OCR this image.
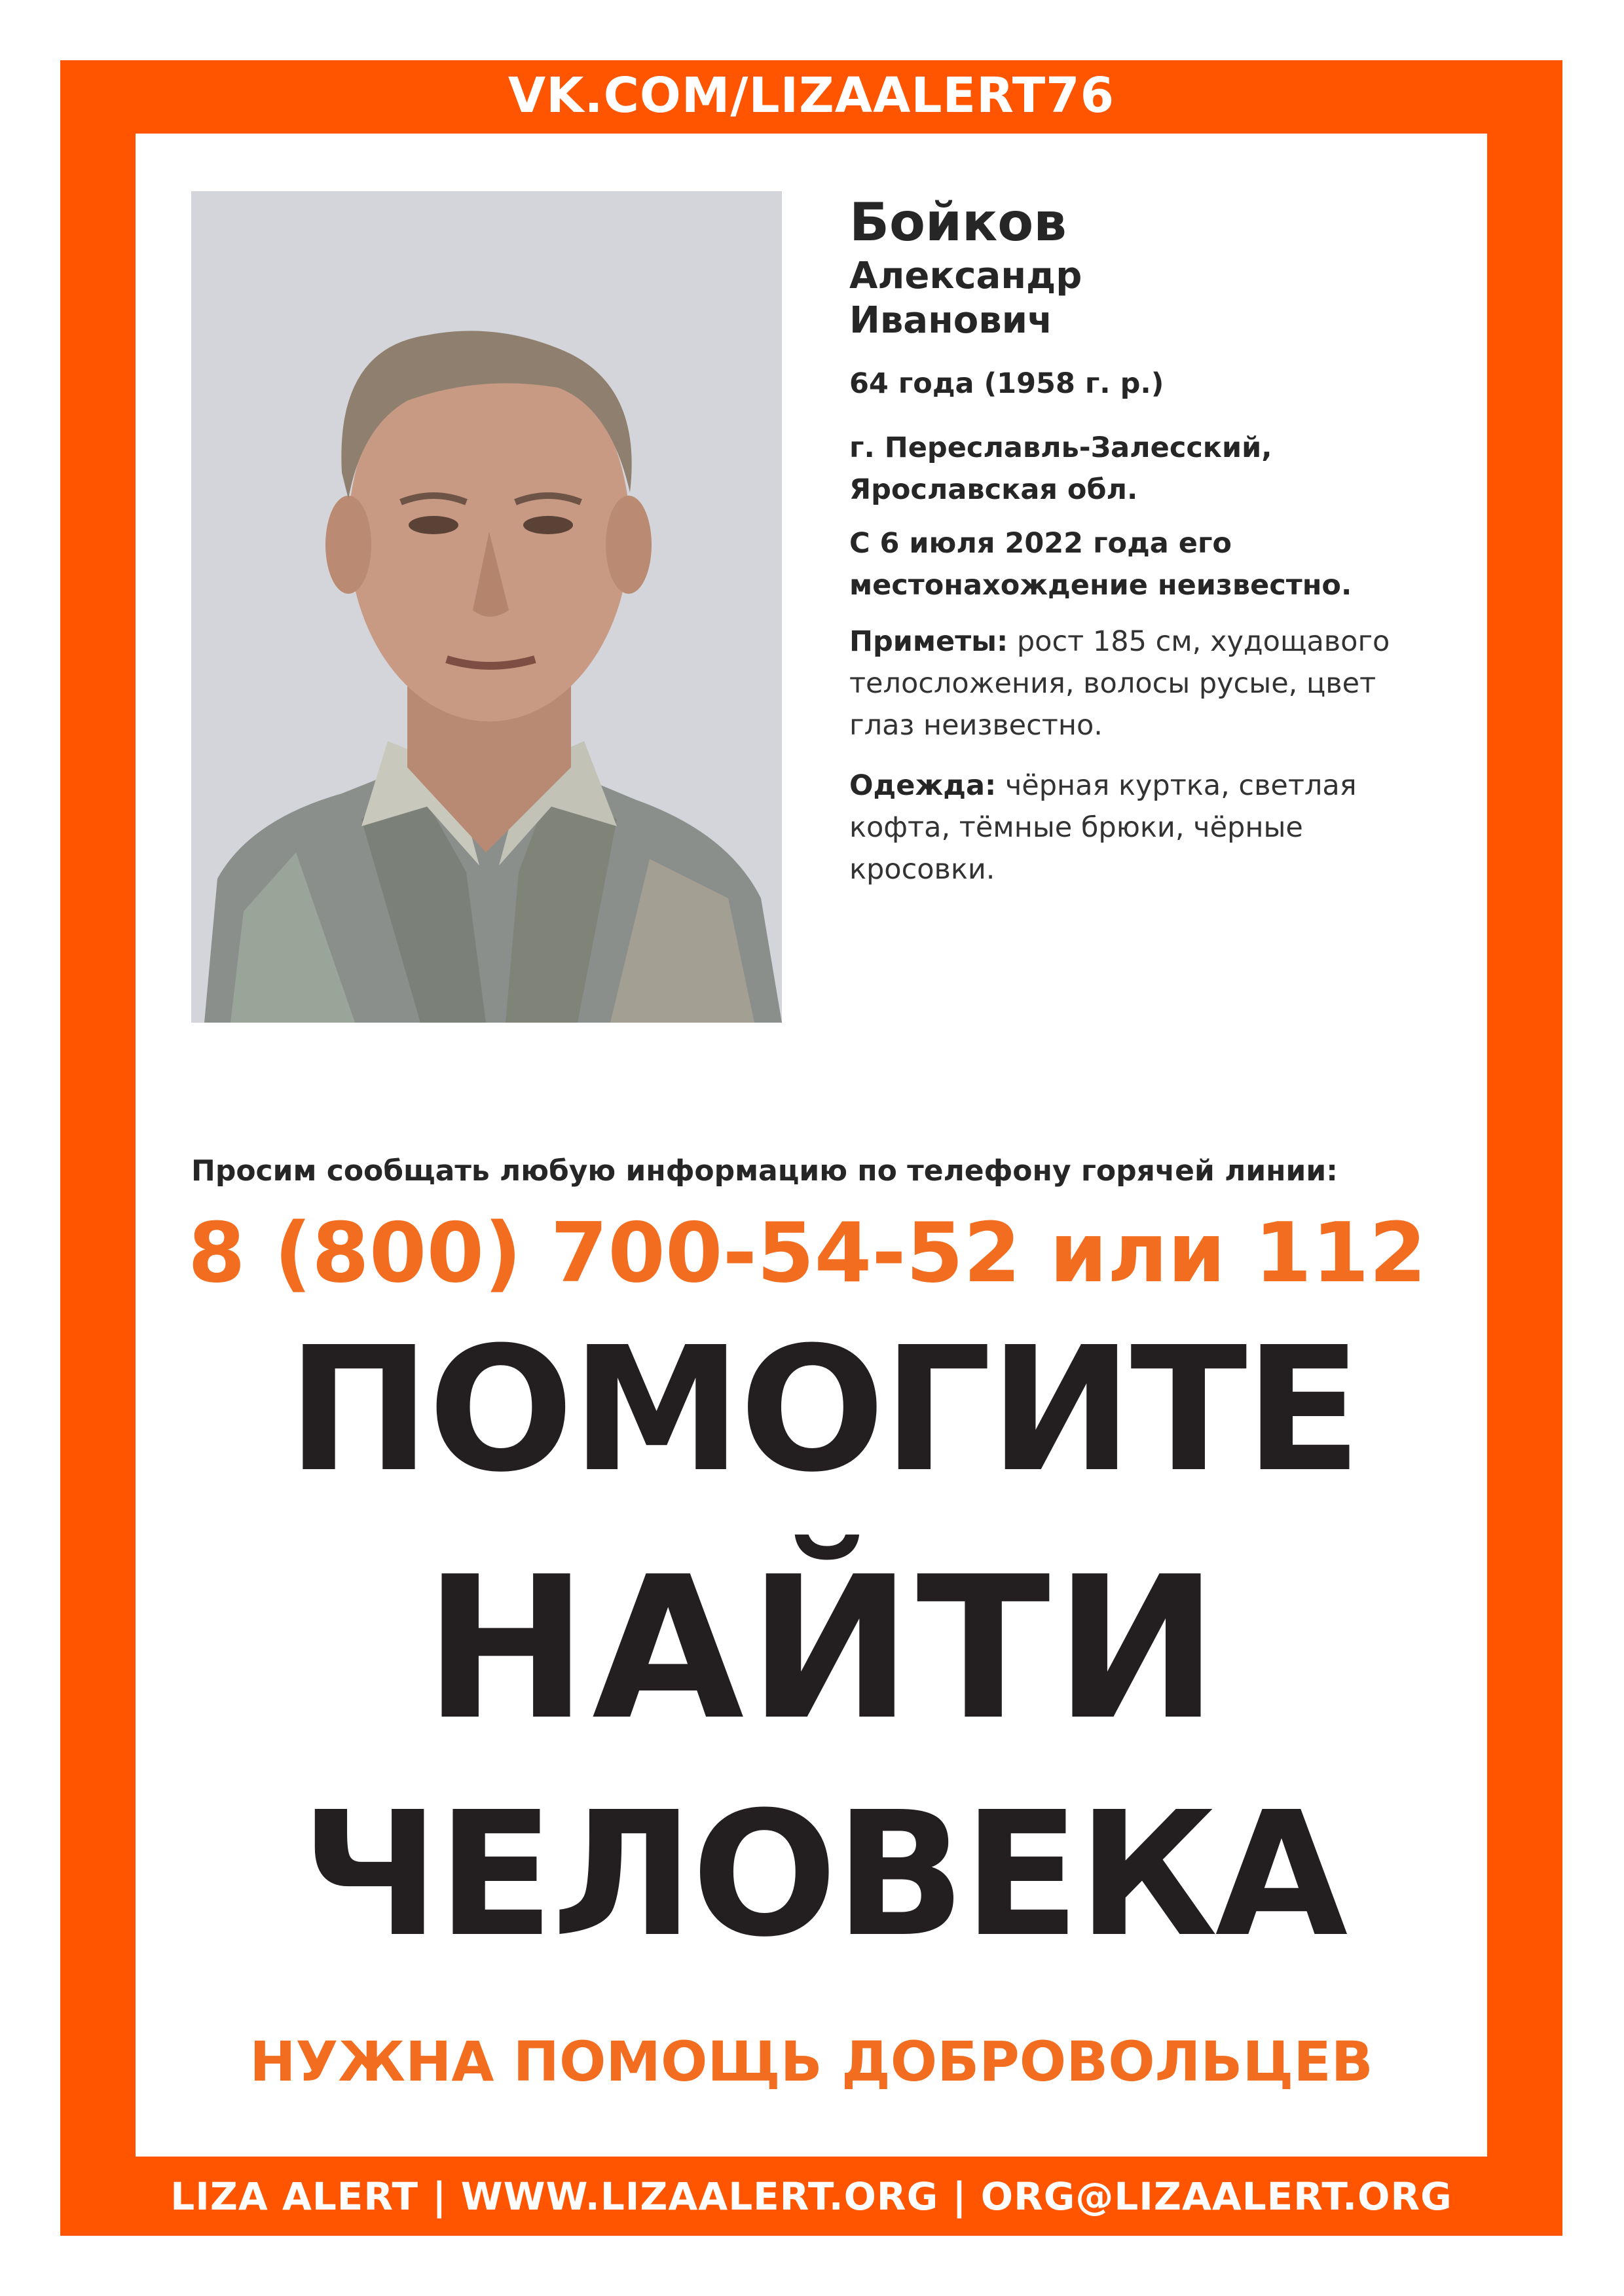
VK.COM/LIZAALERT76

Бойков

Александр

Иванович

64 года (1958 г. р.)

г. Переславль-Залесский,

Ярославская обл.

С 6 июля 2022 года его

местонахождение неизвестно.

Приметы: рост 185 см, худощавого

телосложения, волосы русые, цвет

глаз неизвестно.

Одежда: чёрная куртка, светлая

кофта, тёмные брюки, чёрные

кросовки.

Просим сообщать любую информацию по телефону горячей линии:
8 (800) 700-54-52 или 112
ПОМОГИТЕ
НАЙТИ
ЧЕЛОВЕКА
НУЖНА ПОМОЩЬ ДОБРОВОЛЬЦЕВ
LIZA ALERT | WWW.LIZAALERT.ORG | ORG@LIZAALERT.ORG
